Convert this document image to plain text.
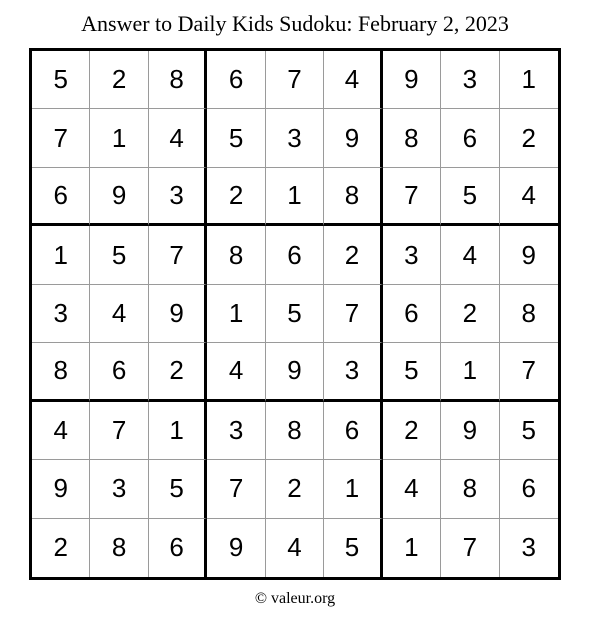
Answer to Daily Kids Sudoku: February 2, 2023
5	2	8	6	7	4	9	3	1
7	1	4	5	3	9	8	6	2
6	9	3	2	1	8	7	5	4
1	5	7	8	6	2	3	4	9
3	4	9	1	5	7	6	2	8
8	6	2	4	9	3	5	1	7
4	7	1	3	8	6	2	9	5
9	3	5	7	2	1	4	8	6
2	8	6	9	4	5	1	7	3
© valeur.org
